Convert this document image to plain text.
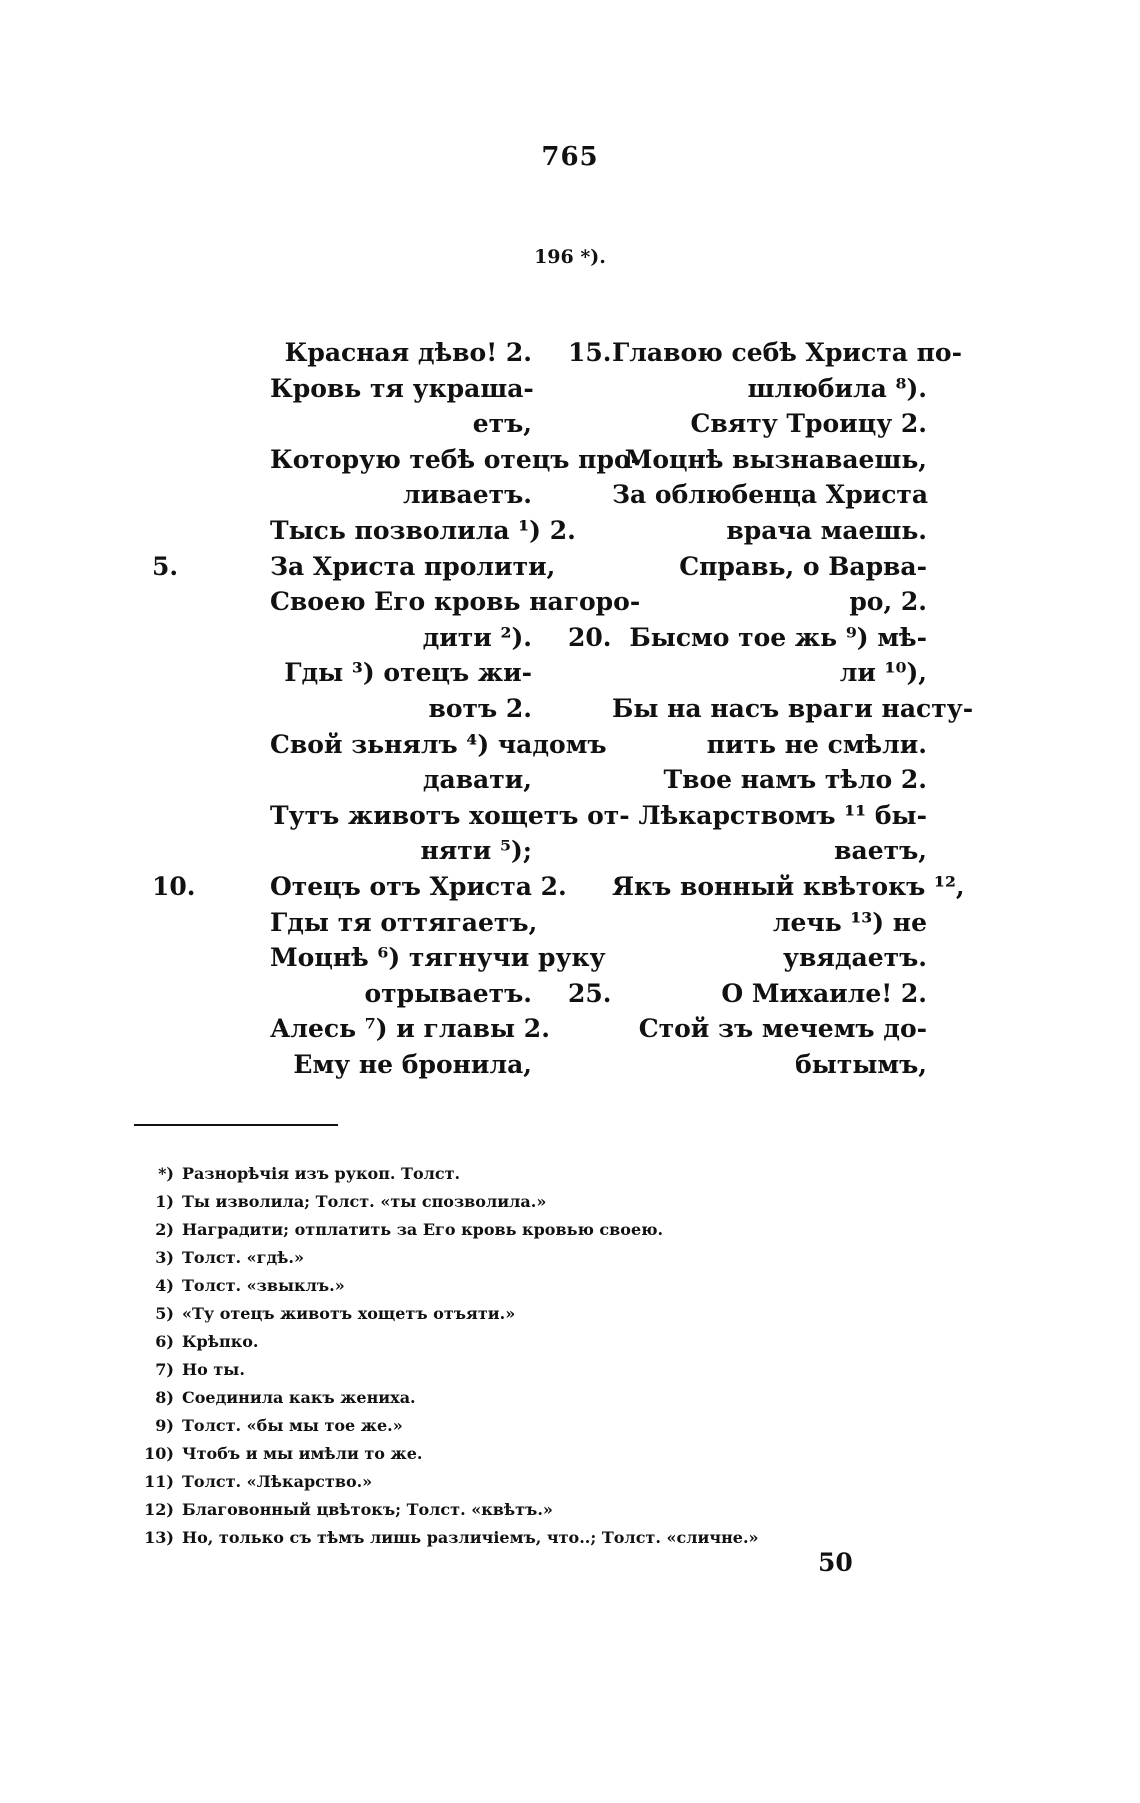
765
196 *).
Красная дѣво! 2.
Кровь тя украша-
етъ,
Которую тебѣ отецъ про-
ливаетъ.
Тысь позволила ¹) 2.
5.	За Христа пролити,
Своею Его кровь нагоро-
дити ²).
Гды ³) отецъ жи-
вотъ 2.
Свой зьнялъ ⁴) чадомъ
давати,
Тутъ животъ хощетъ от-
няти ⁵);
10.	Отецъ отъ Христа 2.
Гды тя оттягаетъ,
Моцнѣ ⁶) тягнучи руку
отрываетъ.
Алесь ⁷) и главы 2.
Ему не бронила,
15. Главою себѣ Христа по-
шлюбила ⁸).
Святу Троицу 2.
Моцнѣ вызнаваешь,
За облюбенца Христа
врача маешь.
Справь, о Варва-
ро, 2.
20. Бысмо тое жь ⁹) мѣ-
ли ¹⁰),
Бы на насъ враги насту-
пить не смѣли.
Твое намъ тѣло 2.
Лѣкарствомъ ¹¹ бы-
ваетъ,
Якъ вонный квѣтокъ ¹²,
лечь ¹³) не
увядаетъ.
25.	О Михаиле! 2.
Стой зъ мечемъ до-
бытымъ,
*) Разнорѣчія изъ рукоп. Толст.
1) Ты изволила; Толст. «ты спозволила.»
2) Наградити; отплатить за Его кровь кровью своею.
3) Толст. «гдѣ.»
4) Толст. «звыклъ.»
5) «Ту отецъ животъ хощетъ отъяти.»
6) Крѣпко.
7) Но ты.
8) Соединила какъ жениха.
9) Толст. «бы мы тое же.»
10) Чтобъ и мы имѣли то же.
11) Толст. «Лѣкарство.»
12) Благовонный цвѣтокъ; Толст. «квѣтъ.»
13) Но, только съ тѣмъ лишь различіемъ, что..; Толст. «сличне.»
50
